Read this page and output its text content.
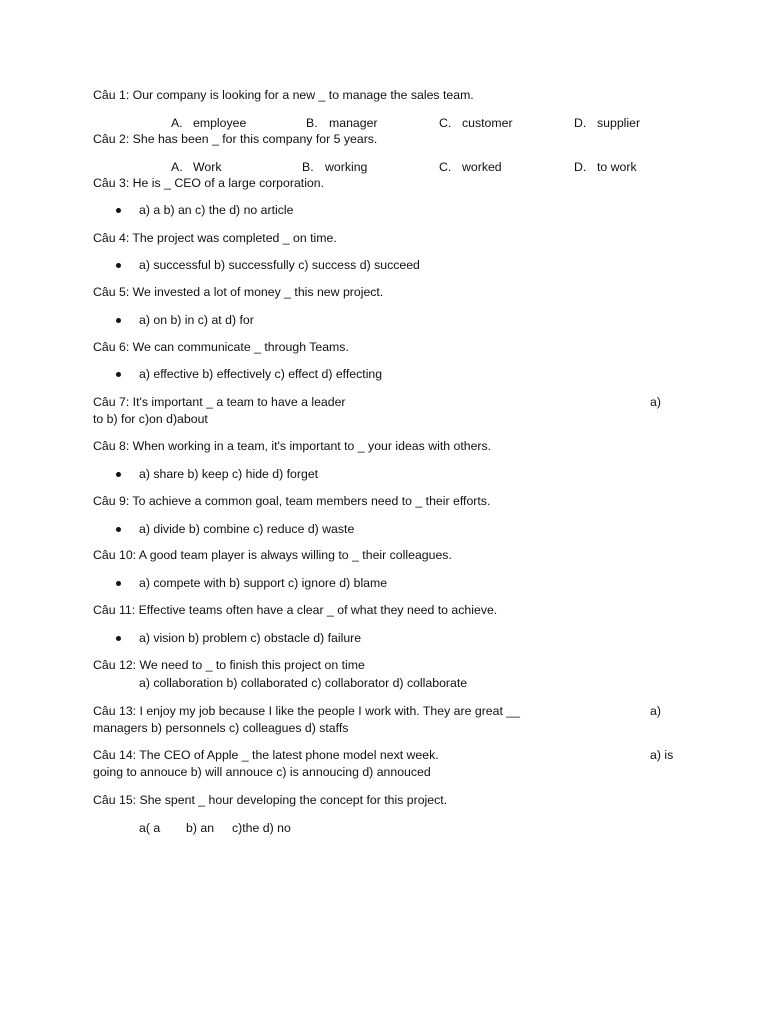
Câu 1: Our company is looking for a new _ to manage the sales team.
A. employee	B. manager	C. customer	D. supplier
Câu 2: She has been _ for this company for 5 years.
A. Work	B. working	C. worked	D. to work
Câu 3: He is _ CEO of a large corporation.
a) a b) an c) the d) no article
Câu 4: The project was completed _ on time.
a) successful b) successfully c) success d) succeed
Câu 5: We invested a lot of money _ this new project.
a) on b) in c) at d) for
Câu 6: We can communicate _ through Teams.
a) effective b) effectively c) effect d) effecting
Câu 7: It's important _ a team to have a leader	a)
to b) for c)on d)about
Câu 8: When working in a team, it's important to _ your ideas with others.
a) share b) keep c) hide d) forget
Câu 9: To achieve a common goal, team members need to _ their efforts.
a) divide b) combine c) reduce d) waste
Câu 10: A good team player is always willing to _ their colleagues.
a) compete with b) support c) ignore d) blame
Câu 11: Effective teams often have a clear _ of what they need to achieve.
a) vision b) problem c) obstacle d) failure
Câu 12: We need to _ to finish this project on time
a) collaboration b) collaborated c) collaborator d) collaborate
Câu 13: I enjoy my job because I like the people I work with. They are great __	a)
managers b) personnels c) colleagues d) staffs
Câu 14: The CEO of Apple _ the latest phone model next week.	a) is
going to annouce b) will annouce c) is annoucing d) annouced
Câu 15: She spent _ hour developing the concept for this project.
a( a b) an c)the d) no
